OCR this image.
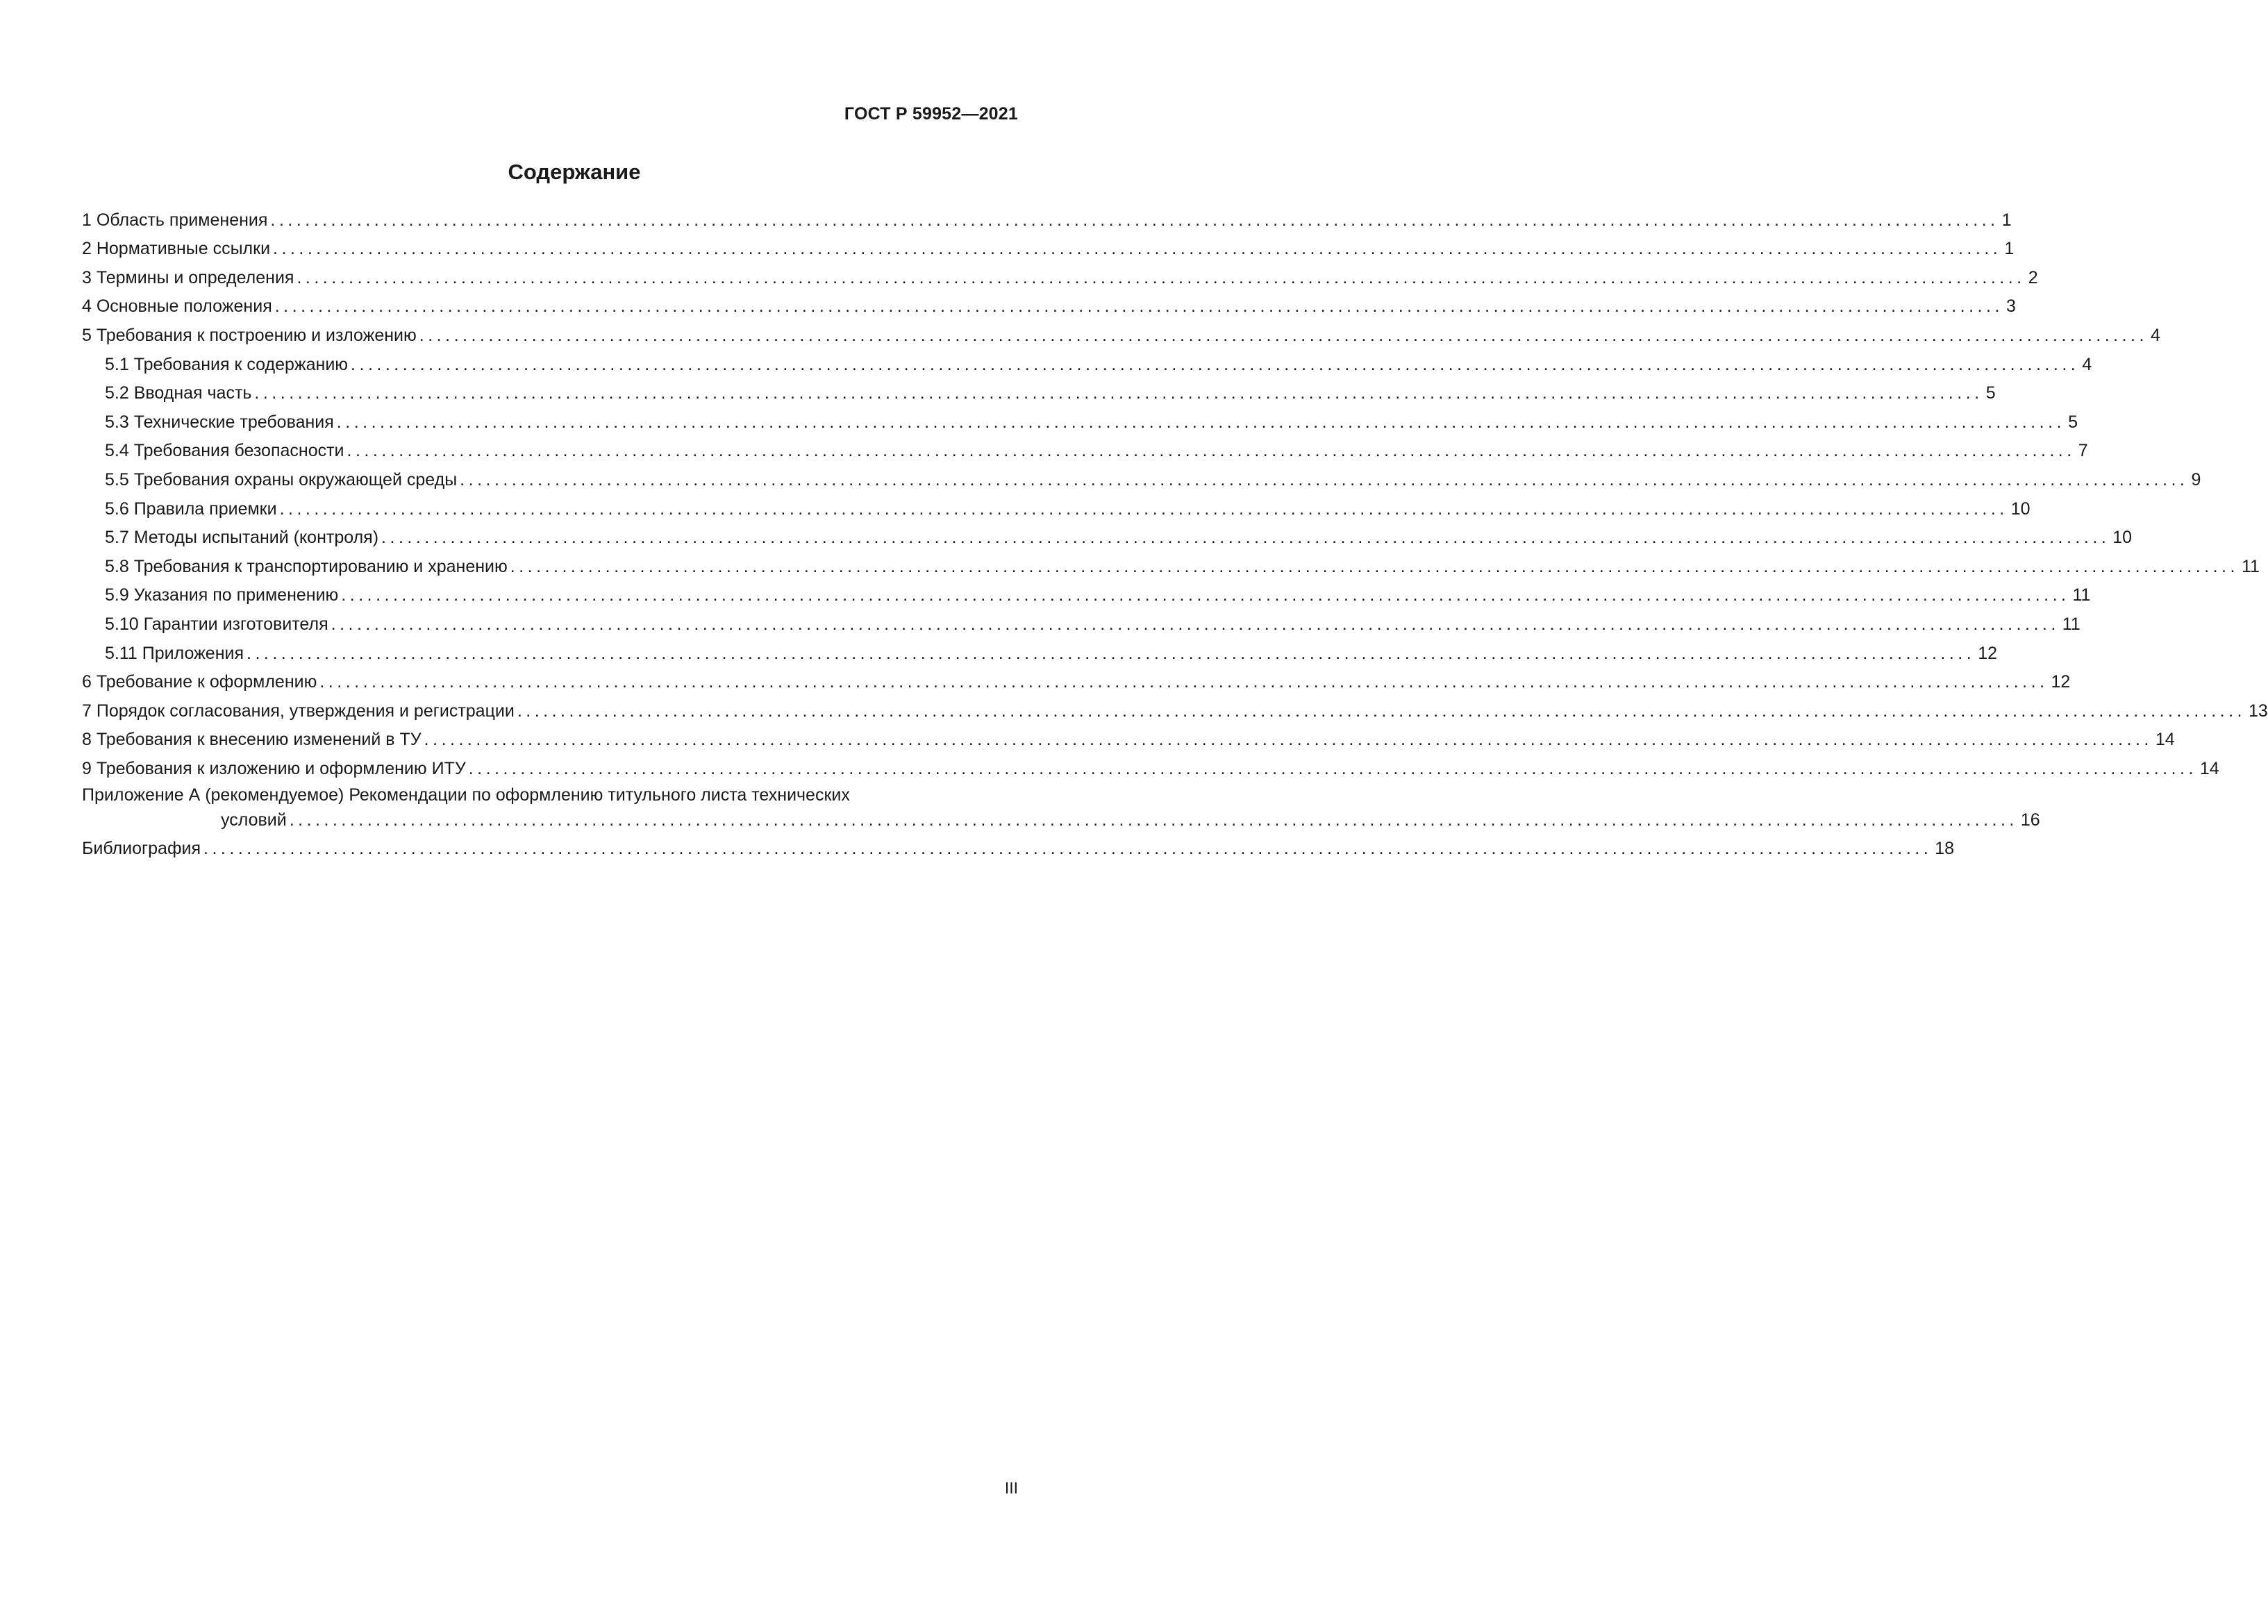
ГОСТ Р 59952—2021
Содержание
1 Область применения ........................................................................................................................................................................................................ 1
2 Нормативные ссылки ........................................................................................................................................................................................................ 1
3 Термины и определения ........................................................................................................................................................................................................ 2
4 Основные положения ........................................................................................................................................................................................................ 3
5 Требования к построению и изложению ........................................................................................................................................................................................................ 4
5.1 Требования к содержанию ........................................................................................................................................................................................................ 4
5.2 Вводная часть ........................................................................................................................................................................................................ 5
5.3 Технические требования ........................................................................................................................................................................................................ 5
5.4 Требования безопасности ........................................................................................................................................................................................................ 7
5.5 Требования охраны окружающей среды ........................................................................................................................................................................................................ 9
5.6 Правила приемки ........................................................................................................................................................................................................ 10
5.7 Методы испытаний (контроля) ........................................................................................................................................................................................................ 10
5.8 Требования к транспортированию и хранению ........................................................................................................................................................................................................ 11
5.9 Указания по применению ........................................................................................................................................................................................................ 11
5.10 Гарантии изготовителя ........................................................................................................................................................................................................ 11
5.11 Приложения ........................................................................................................................................................................................................ 12
6 Требование к оформлению ........................................................................................................................................................................................................ 12
7 Порядок согласования, утверждения и регистрации ........................................................................................................................................................................................................ 13
8 Требования к внесению изменений в ТУ ........................................................................................................................................................................................................ 14
9 Требования к изложению и оформлению ИТУ ........................................................................................................................................................................................................ 14
Приложение А (рекомендуемое) Рекомендации по оформлению титульного листа технических
условий ........................................................................................................................................................................................................ 16
Библиография ........................................................................................................................................................................................................ 18
III
